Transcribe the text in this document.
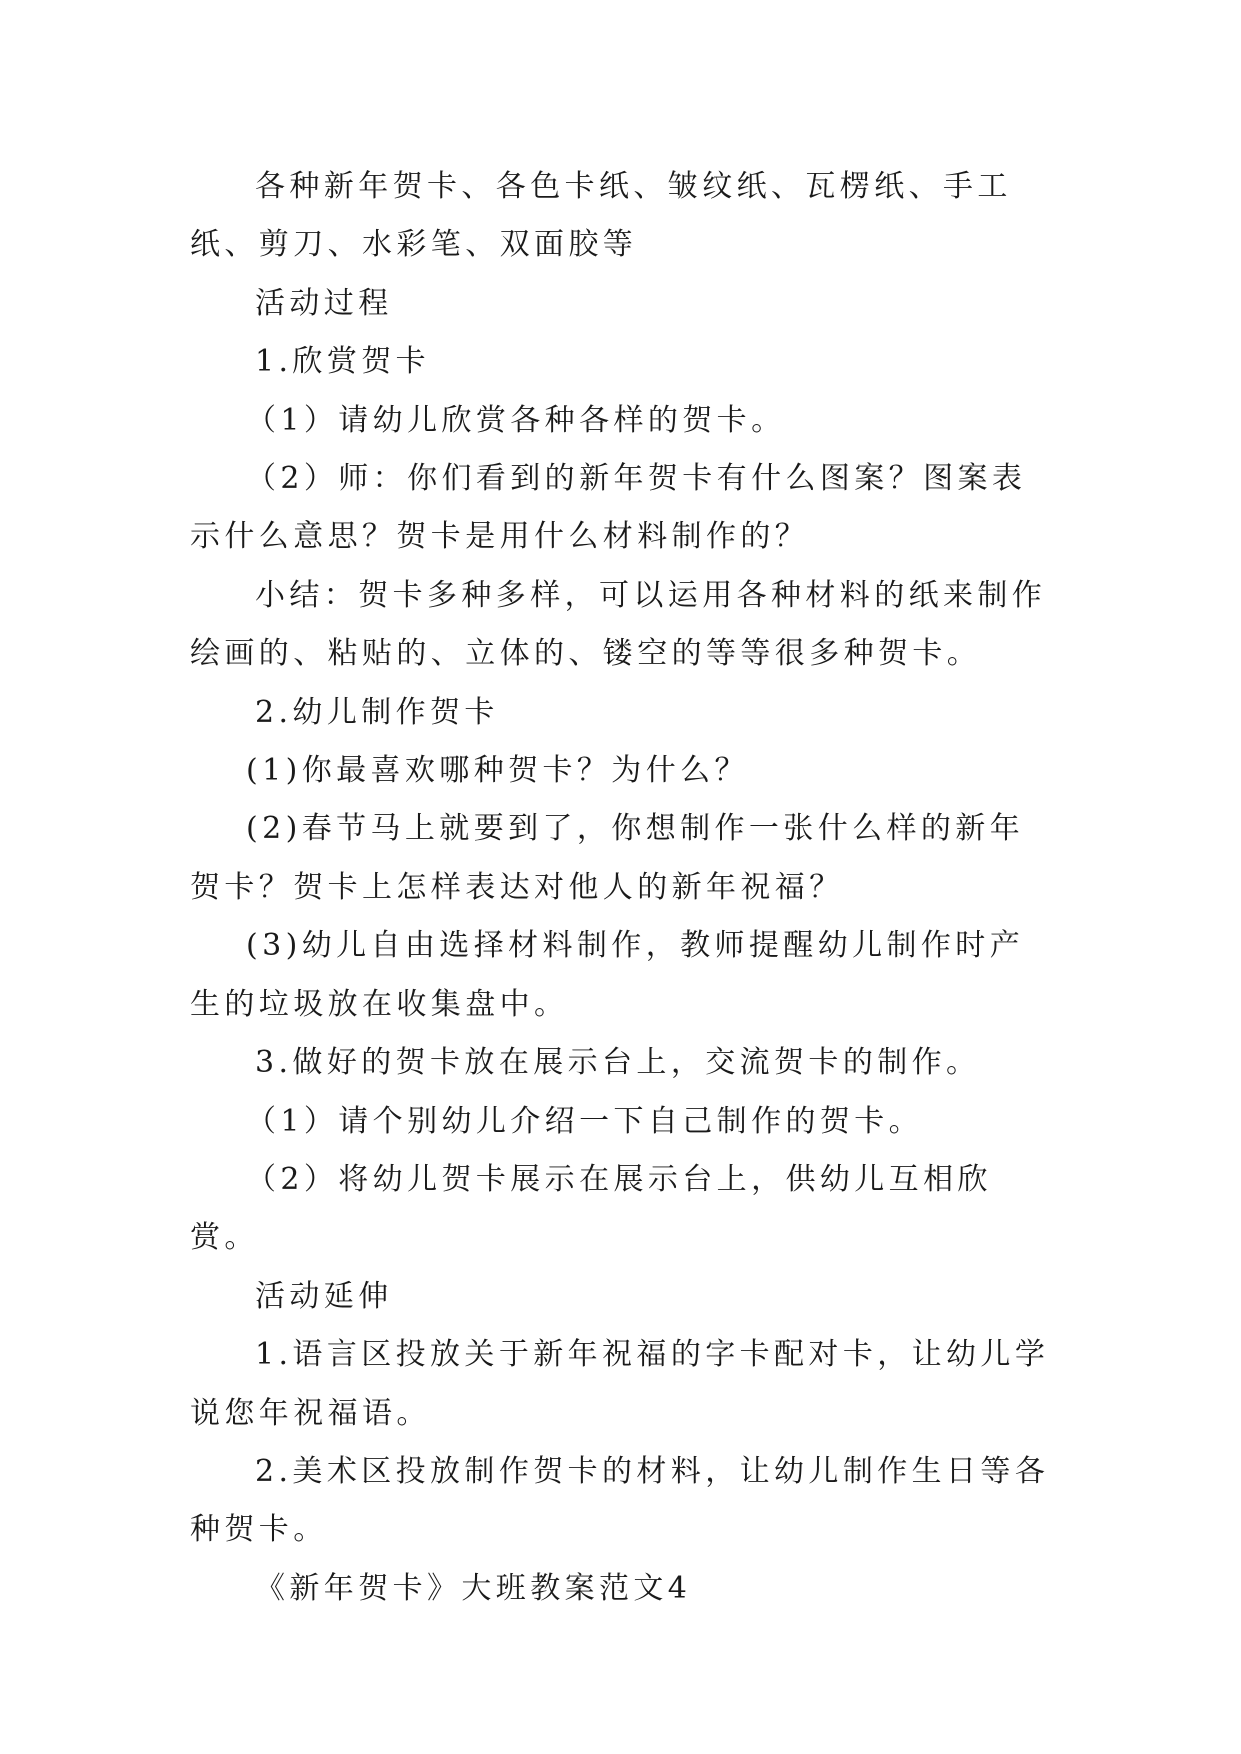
各种新年贺卡、各色卡纸、皱纹纸、瓦楞纸、手工纸、剪刀、水彩笔、双面胶等

活动过程

1.欣赏贺卡

（1）请幼儿欣赏各种各样的贺卡。

（2）师：你们看到的新年贺卡有什么图案？图案表示什么意思？贺卡是用什么材料制作的？

小结：贺卡多种多样，可以运用各种材料的纸来制作绘画的、粘贴的、立体的、镂空的等等很多种贺卡。

2.幼儿制作贺卡

(1)你最喜欢哪种贺卡？为什么？

(2)春节马上就要到了，你想制作一张什么样的新年贺卡？贺卡上怎样表达对他人的新年祝福？

(3)幼儿自由选择材料制作，教师提醒幼儿制作时产生的垃圾放在收集盘中。

3.做好的贺卡放在展示台上，交流贺卡的制作。

（1）请个别幼儿介绍一下自己制作的贺卡。

（2）将幼儿贺卡展示在展示台上，供幼儿互相欣赏。

活动延伸

1.语言区投放关于新年祝福的字卡配对卡，让幼儿学说您年祝福语。

2.美术区投放制作贺卡的材料，让幼儿制作生日等各种贺卡。

《新年贺卡》大班教案范文4
